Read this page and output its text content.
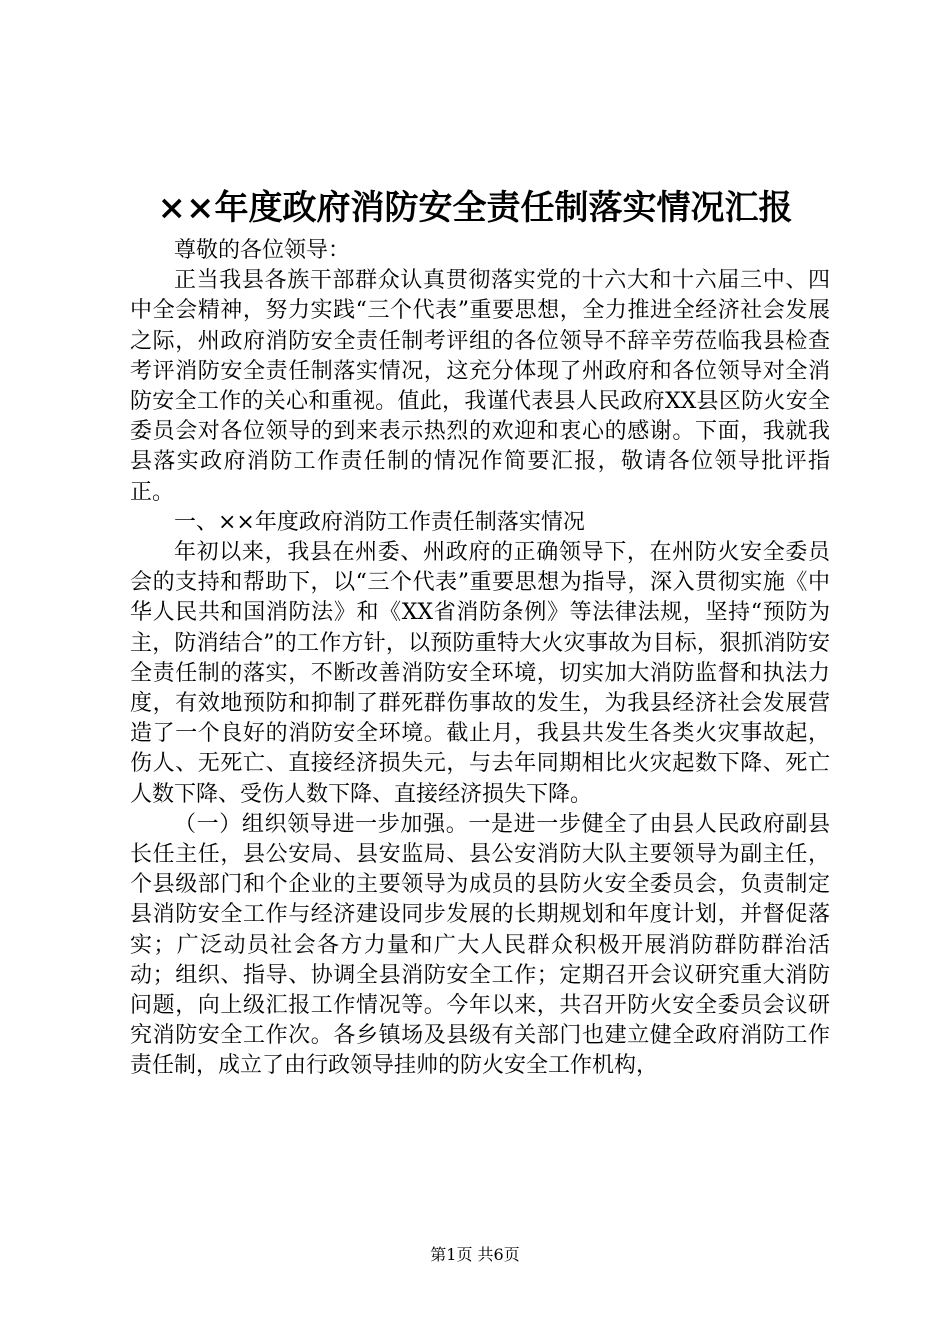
××年度政府消防安全责任制落实情况汇报

尊敬的各位领导：

正当我县各族干部群众认真贯彻落实党的十六大和十六届三中、四中全会精神，努力实践“三个代表”重要思想，全力推进全经济社会发展之际，州政府消防安全责任制考评组的各位领导不辞辛劳莅临我县检查考评消防安全责任制落实情况，这充分体现了州政府和各位领导对全消防安全工作的关心和重视。值此，我谨代表县人民政府XX县区防火安全委员会对各位领导的到来表示热烈的欢迎和衷心的感谢。下面，我就我县落实政府消防工作责任制的情况作简要汇报，敬请各位领导批评指正。

一、××年度政府消防工作责任制落实情况

年初以来，我县在州委、州政府的正确领导下，在州防火安全委员会的支持和帮助下，以“三个代表”重要思想为指导，深入贯彻实施《中华人民共和国消防法》和《XX省消防条例》等法律法规，坚持“预防为主，防消结合”的工作方针，以预防重特大火灾事故为目标，狠抓消防安全责任制的落实，不断改善消防安全环境，切实加大消防监督和执法力度，有效地预防和抑制了群死群伤事故的发生，为我县经济社会发展营造了一个良好的消防安全环境。截止月，我县共发生各类火灾事故起，伤人、无死亡、直接经济损失元，与去年同期相比火灾起数下降、死亡人数下降、受伤人数下降、直接经济损失下降。

（一）组织领导进一步加强。一是进一步健全了由县人民政府副县长任主任，县公安局、县安监局、县公安消防大队主要领导为副主任，个县级部门和个企业的主要领导为成员的县防火安全委员会，负责制定县消防安全工作与经济建设同步发展的长期规划和年度计划，并督促落实；广泛动员社会各方力量和广大人民群众积极开展消防群防群治活动；组织、指导、协调全县消防安全工作；定期召开会议研究重大消防问题，向上级汇报工作情况等。今年以来，共召开防火安全委员会议研究消防安全工作次。各乡镇场及县级有关部门也建立健全政府消防工作责任制，成立了由行政领导挂帅的防火安全工作机构，

第1页 共6页
